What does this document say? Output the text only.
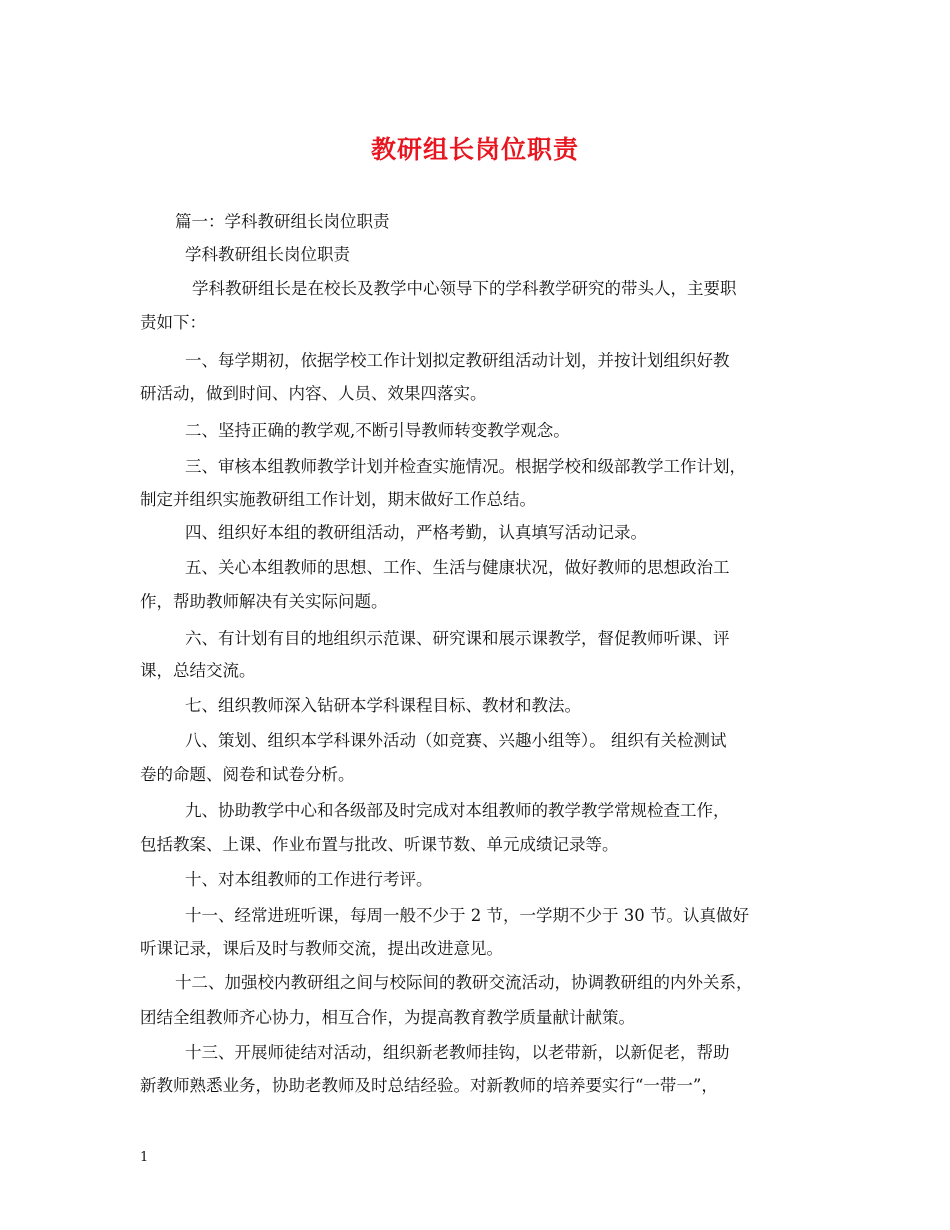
教研组长岗位职责
篇一：学科教研组长岗位职责
学科教研组长岗位职责
学科教研组长是在校长及教学中心领导下的学科教学研究的带头人，主要职
责如下：
一、每学期初，依据学校工作计划拟定教研组活动计划，并按计划组织好教
研活动，做到时间、内容、人员、效果四落实。
二、坚持正确的教学观,不断引导教师转变教学观念。
三、审核本组教师教学计划并检查实施情况。根据学校和级部教学工作计划，
制定并组织实施教研组工作计划，期末做好工作总结。
四、组织好本组的教研组活动，严格考勤，认真填写活动记录。
五、关心本组教师的思想、工作、生活与健康状况，做好教师的思想政治工
作，帮助教师解决有关实际问题。
六、有计划有目的地组织示范课、研究课和展示课教学，督促教师听课、评
课，总结交流。
七、组织教师深入钻研本学科课程目标、教材和教法。
八、策划、组织本学科课外活动（如竞赛、兴趣小组等）。 组织有关检测试
卷的命题、阅卷和试卷分析。
九、协助教学中心和各级部及时完成对本组教师的教学教学常规检查工作，
包括教案、上课、作业布置与批改、听课节数、单元成绩记录等。
十、对本组教师的工作进行考评。
十一、经常进班听课，每周一般不少于 2 节，一学期不少于 30 节。认真做好
听课记录，课后及时与教师交流，提出改进意见。
十二、加强校内教研组之间与校际间的教研交流活动，协调教研组的内外关系，
团结全组教师齐心协力，相互合作，为提高教育教学质量献计献策。
十三、开展师徒结对活动，组织新老教师挂钩，以老带新，以新促老，帮助
新教师熟悉业务，协助老教师及时总结经验。对新教师的培养要实行“一带一”，
1
